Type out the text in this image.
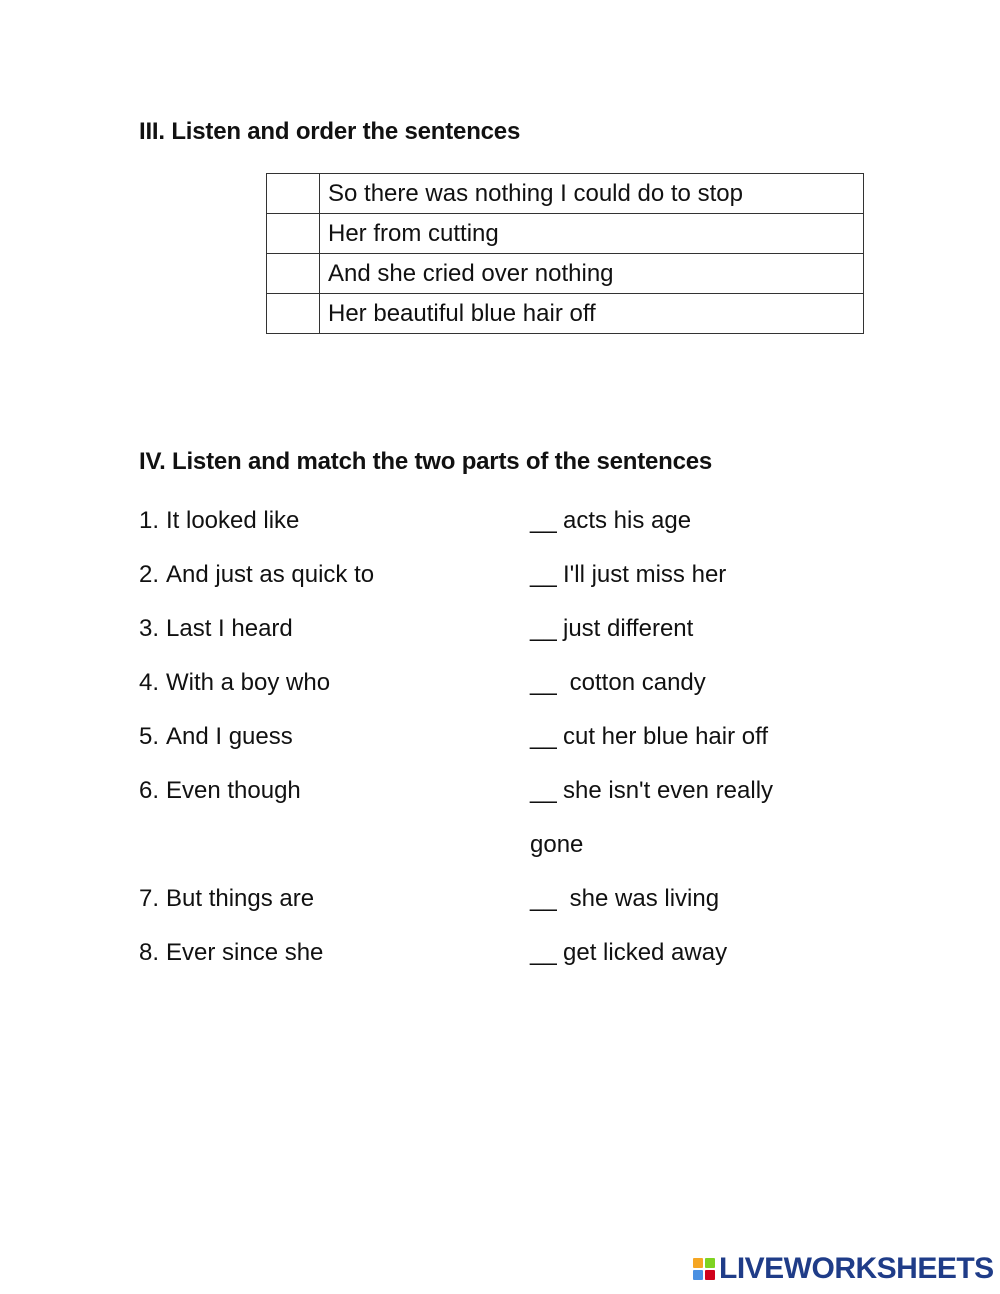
III. Listen and order the sentences
	So there was nothing I could do to stop
	Her from cutting
	And she cried over nothing
	Her beautiful blue hair off
IV. Listen and match the two parts of the sentences
1. It looked like	__ acts his age
2. And just as quick to	__ I'll just miss her
3. Last I heard	__ just different
4. With a boy who	__ cotton candy
5. And I guess	__ cut her blue hair off
6. Even though	__ she isn't even really
gone
7. But things are	__ she was living
8. Ever since she	__ get licked away
LIVEWORKSHEETS
